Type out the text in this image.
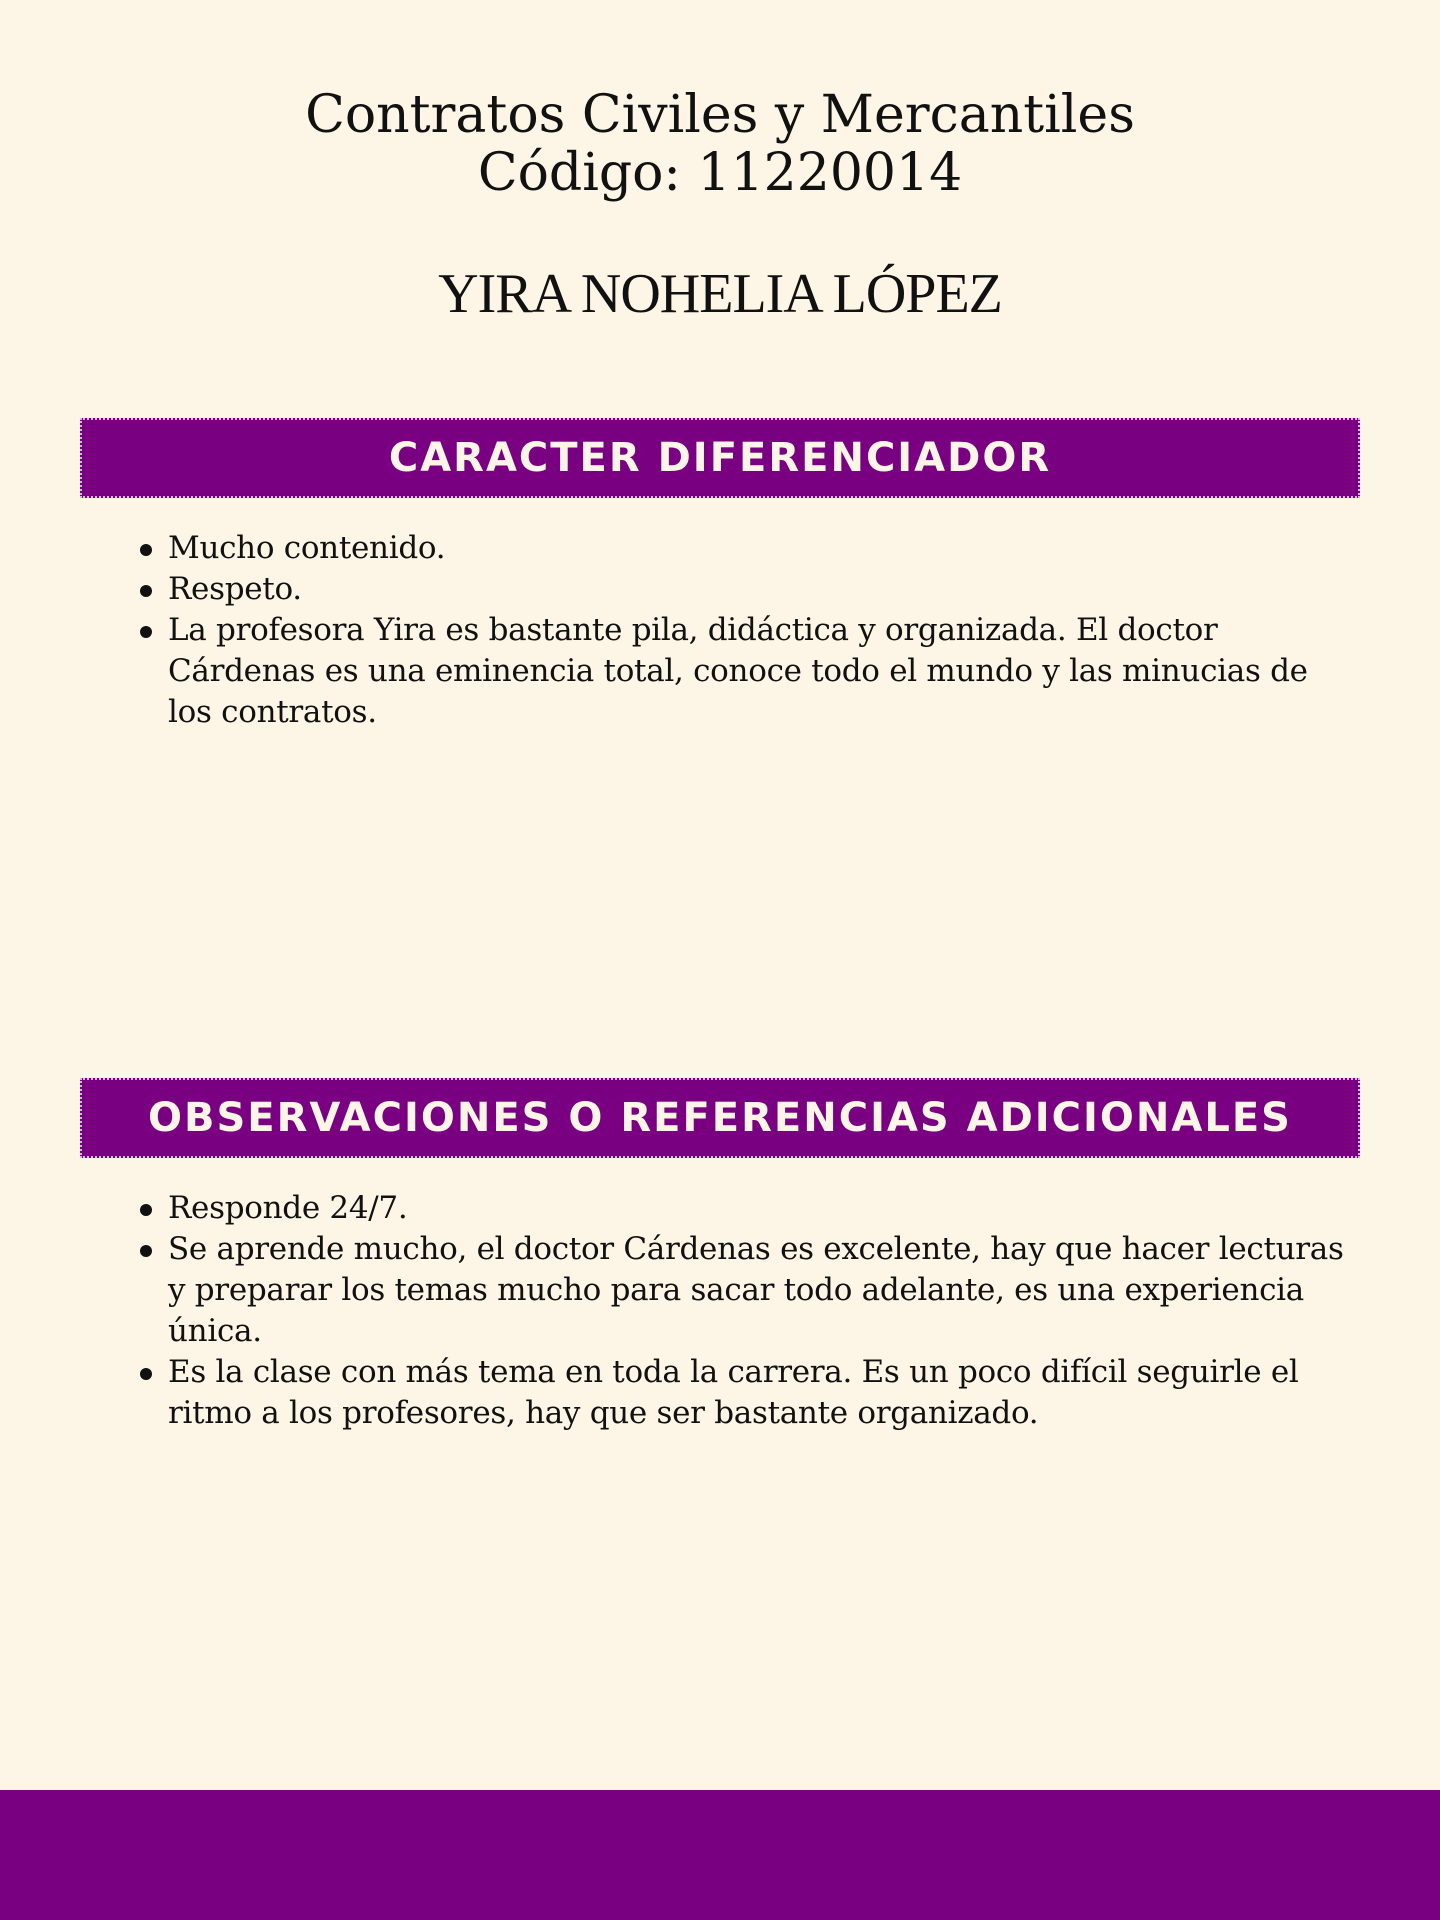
Contratos Civiles y Mercantiles
Código: 11220014
YIRA NOHELIA LÓPEZ
CARACTER DIFERENCIADOR
Mucho contenido.
Respeto.
La profesora Yira es bastante pila, didáctica y organizada. El doctor Cárdenas es una eminencia total, conoce todo el mundo y las minucias de los contratos.
OBSERVACIONES O REFERENCIAS ADICIONALES
Responde 24/7.
Se aprende mucho, el doctor Cárdenas es excelente, hay que hacer lecturas y preparar los temas mucho para sacar todo adelante, es una experiencia única.
Es la clase con más tema en toda la carrera. Es un poco difícil seguirle el ritmo a los profesores, hay que ser bastante organizado.
